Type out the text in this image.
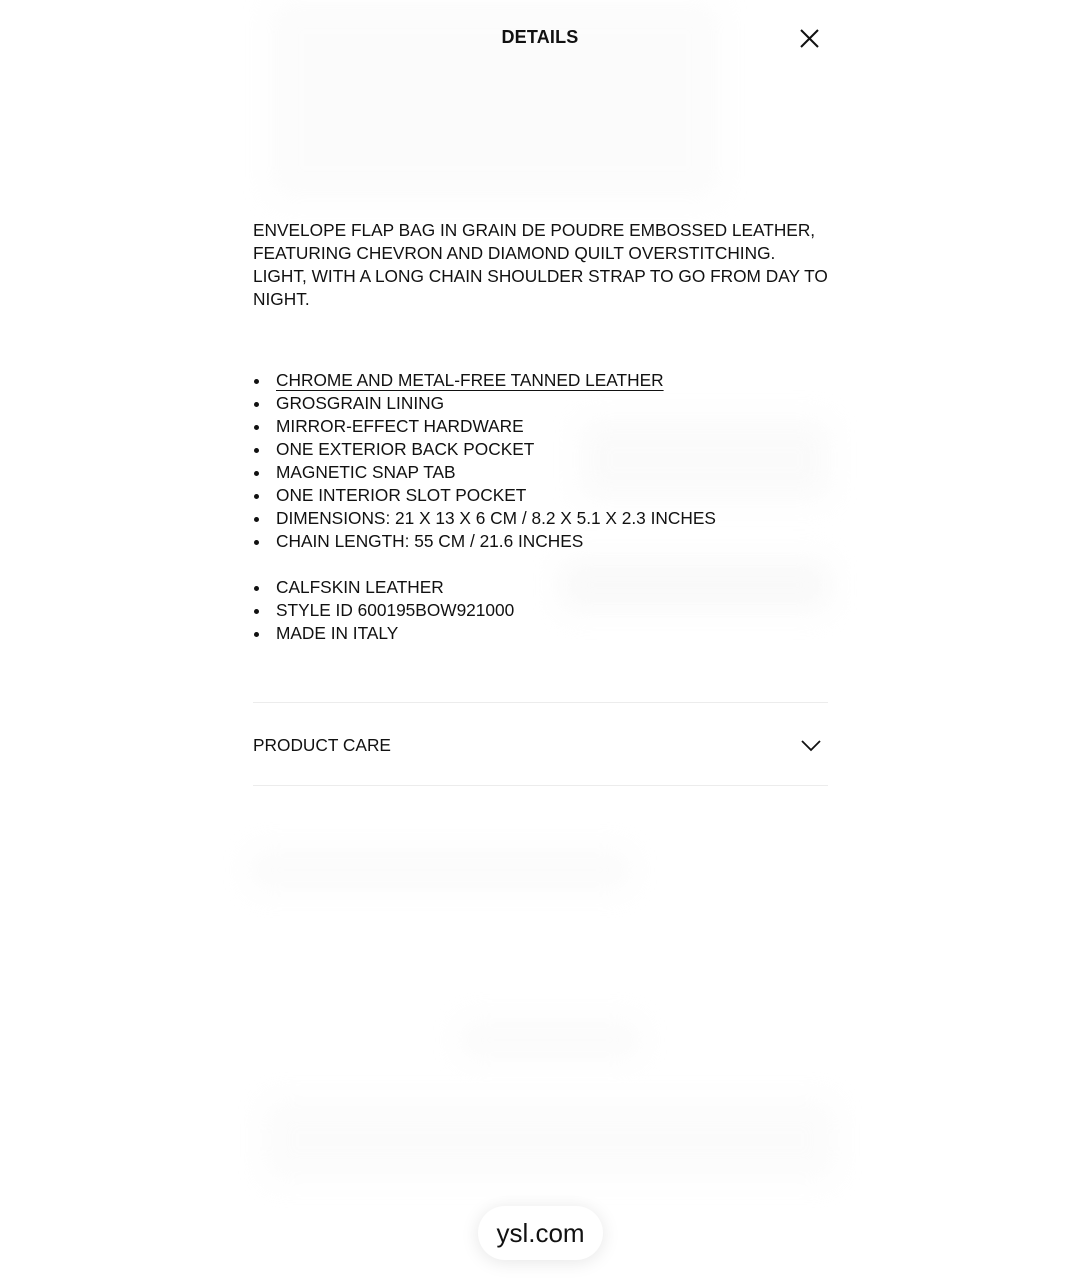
DETAILS

ENVELOPE FLAP BAG IN GRAIN DE POUDRE EMBOSSED LEATHER, FEATURING CHEVRON AND DIAMOND QUILT OVERSTITCHING. LIGHT, WITH A LONG CHAIN SHOULDER STRAP TO GO FROM DAY TO NIGHT.

CHROME AND METAL-FREE TANNED LEATHER
GROSGRAIN LINING
MIRROR-EFFECT HARDWARE
ONE EXTERIOR BACK POCKET
MAGNETIC SNAP TAB
ONE INTERIOR SLOT POCKET
DIMENSIONS: 21 X 13 X 6 CM / 8.2 X 5.1 X 2.3 INCHES
CHAIN LENGTH: 55 CM / 21.6 INCHES
CALFSKIN LEATHER
STYLE ID 600195BOW921000
MADE IN ITALY
PRODUCT CARE
ysl.com
